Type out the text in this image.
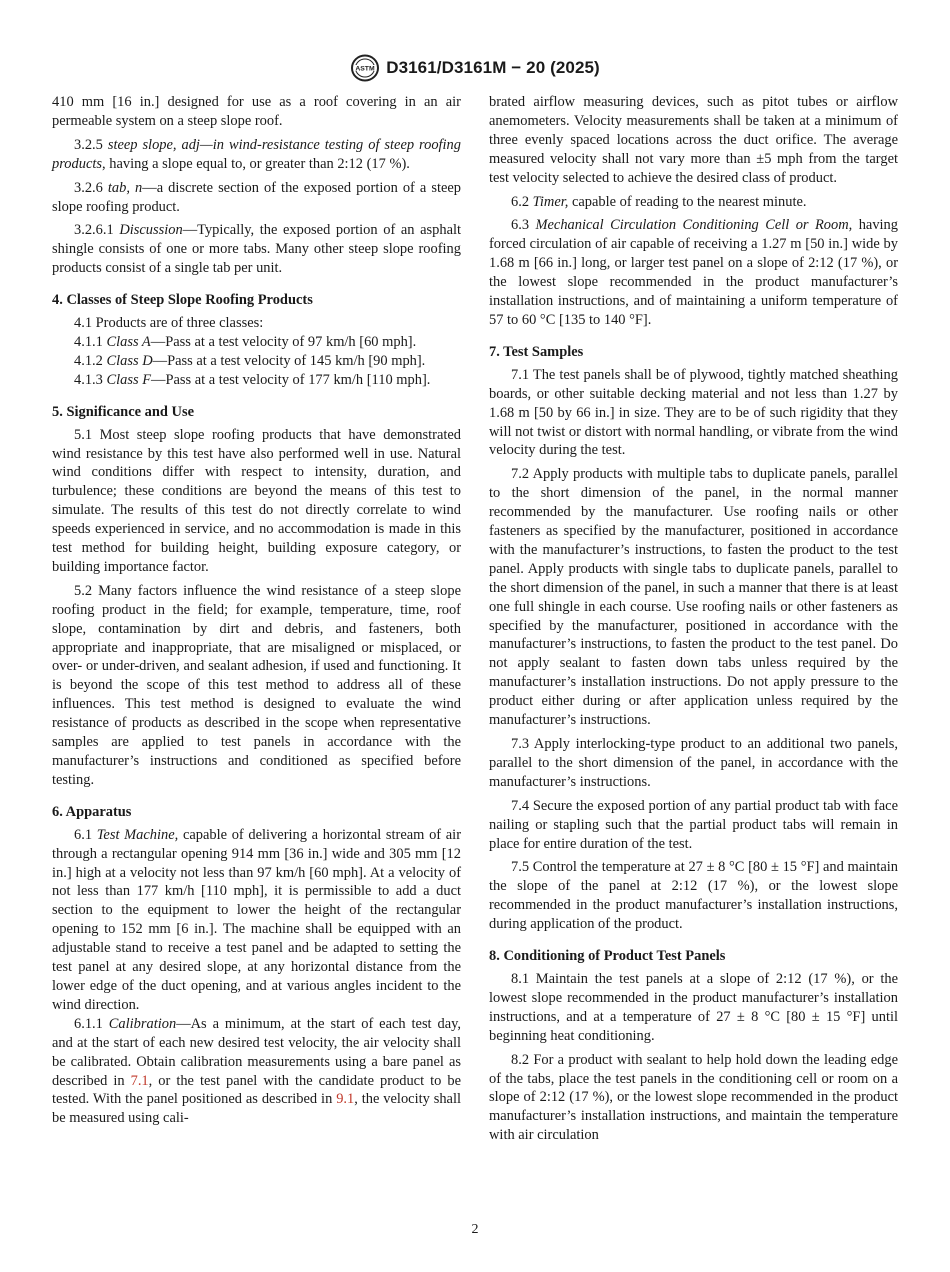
ASTM D3161/D3161M − 20 (2025)

410 mm [16 in.] designed for use as a roof covering in an air permeable system on a steep slope roof.

3.2.5 steep slope, adj—in wind-resistance testing of steep roofing products, having a slope equal to, or greater than 2:12 (17 %).

3.2.6 tab, n—a discrete section of the exposed portion of a steep slope roofing product.

3.2.6.1 Discussion—Typically, the exposed portion of an asphalt shingle consists of one or more tabs. Many other steep slope roofing products consist of a single tab per unit.

4. Classes of Steep Slope Roofing Products

4.1 Products are of three classes:

4.1.1 Class A—Pass at a test velocity of 97 km/h [60 mph].

4.1.2 Class D—Pass at a test velocity of 145 km/h [90 mph].

4.1.3 Class F—Pass at a test velocity of 177 km/h [110 mph].

5. Significance and Use

5.1 Most steep slope roofing products that have demonstrated wind resistance by this test have also performed well in use. Natural wind conditions differ with respect to intensity, duration, and turbulence; these conditions are beyond the means of this test to simulate. The results of this test do not directly correlate to wind speeds experienced in service, and no accommodation is made in this test method for building height, building exposure category, or building importance factor.

5.2 Many factors influence the wind resistance of a steep slope roofing product in the field; for example, temperature, time, roof slope, contamination by dirt and debris, and fasteners, both appropriate and inappropriate, that are misaligned or misplaced, or over- or under-driven, and sealant adhesion, if used and functioning. It is beyond the scope of this test method to address all of these influences. This test method is designed to evaluate the wind resistance of products as described in the scope when representative samples are applied to test panels in accordance with the manufacturer’s instructions and conditioned as specified before testing.

6. Apparatus

6.1 Test Machine, capable of delivering a horizontal stream of air through a rectangular opening 914 mm [36 in.] wide and 305 mm [12 in.] high at a velocity not less than 97 km/h [60 mph]. At a velocity of not less than 177 km/h [110 mph], it is permissible to add a duct section to the equipment to lower the height of the rectangular opening to 152 mm [6 in.]. The machine shall be equipped with an adjustable stand to receive a test panel and be adapted to setting the test panel at any desired slope, at any horizontal distance from the lower edge of the duct opening, and at various angles incident to the wind direction.

6.1.1 Calibration—As a minimum, at the start of each test day, and at the start of each new desired test velocity, the air velocity shall be calibrated. Obtain calibration measurements using a bare panel as described in 7.1, or the test panel with the candidate product to be tested. With the panel positioned as described in 9.1, the velocity shall be measured using cali-

brated airflow measuring devices, such as pitot tubes or airflow anemometers. Velocity measurements shall be taken at a minimum of three evenly spaced locations across the duct orifice. The average measured velocity shall not vary more than ±5 mph from the target test velocity selected to achieve the desired class of product.

6.2 Timer, capable of reading to the nearest minute.

6.3 Mechanical Circulation Conditioning Cell or Room, having forced circulation of air capable of receiving a 1.27 m [50 in.] wide by 1.68 m [66 in.] long, or larger test panel on a slope of 2:12 (17 %), or the lowest slope recommended in the product manufacturer’s installation instructions, and of maintaining a uniform temperature of 57 to 60 °C [135 to 140 °F].

7. Test Samples

7.1 The test panels shall be of plywood, tightly matched sheathing boards, or other suitable decking material and not less than 1.27 by 1.68 m [50 by 66 in.] in size. They are to be of such rigidity that they will not twist or distort with normal handling, or vibrate from the wind velocity during the test.

7.2 Apply products with multiple tabs to duplicate panels, parallel to the short dimension of the panel, in the normal manner recommended by the manufacturer. Use roofing nails or other fasteners as specified by the manufacturer, positioned in accordance with the manufacturer’s instructions, to fasten the product to the test panel. Apply products with single tabs to duplicate panels, parallel to the short dimension of the panel, in such a manner that there is at least one full shingle in each course. Use roofing nails or other fasteners as specified by the manufacturer, positioned in accordance with the manufacturer’s instructions, to fasten the product to the test panel. Do not apply sealant to fasten down tabs unless required by the manufacturer’s installation instructions. Do not apply pressure to the product either during or after application unless required by the manufacturer’s instructions.

7.3 Apply interlocking-type product to an additional two panels, parallel to the short dimension of the panel, in accordance with the manufacturer’s instructions.

7.4 Secure the exposed portion of any partial product tab with face nailing or stapling such that the partial product tabs will remain in place for entire duration of the test.

7.5 Control the temperature at 27 ± 8 °C [80 ± 15 °F] and maintain the slope of the panel at 2:12 (17 %), or the lowest slope recommended in the product manufacturer’s installation instructions, during application of the product.

8. Conditioning of Product Test Panels

8.1 Maintain the test panels at a slope of 2:12 (17 %), or the lowest slope recommended in the product manufacturer’s installation instructions, and at a temperature of 27 ± 8 °C [80 ± 15 °F] until beginning heat conditioning.

8.2 For a product with sealant to help hold down the leading edge of the tabs, place the test panels in the conditioning cell or room on a slope of 2:12 (17 %), or the lowest slope recommended in the product manufacturer’s installation instructions, and maintain the temperature with air circulation

2
